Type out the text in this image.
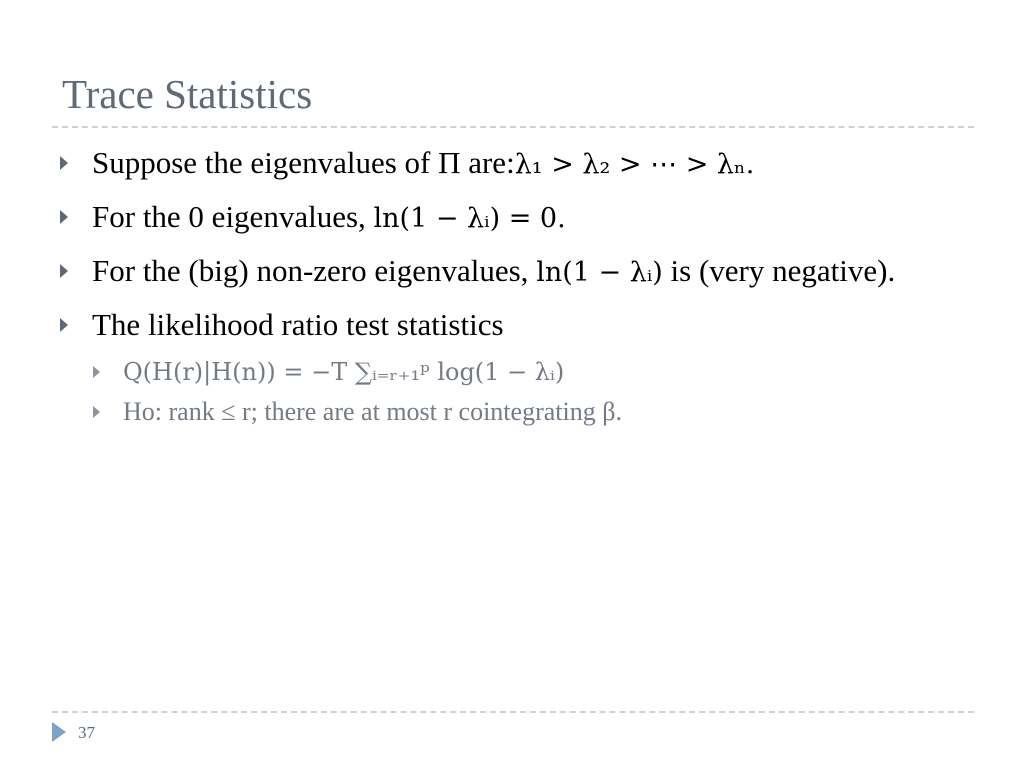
Trace Statistics
Suppose the eigenvalues of Π are:λ₁ > λ₂ > ⋯ > λₙ.
For the 0 eigenvalues, ln(1 − λᵢ) = 0.
For the (big) non-zero eigenvalues, ln(1 − λᵢ) is (very negative).
The likelihood ratio test statistics
Q(H(r)|H(n)) = −T ∑ᵢ₌ᵣ₊₁ᵖ log(1 − λᵢ)
Ho: rank ≤ r; there are at most r cointegrating β.
37
